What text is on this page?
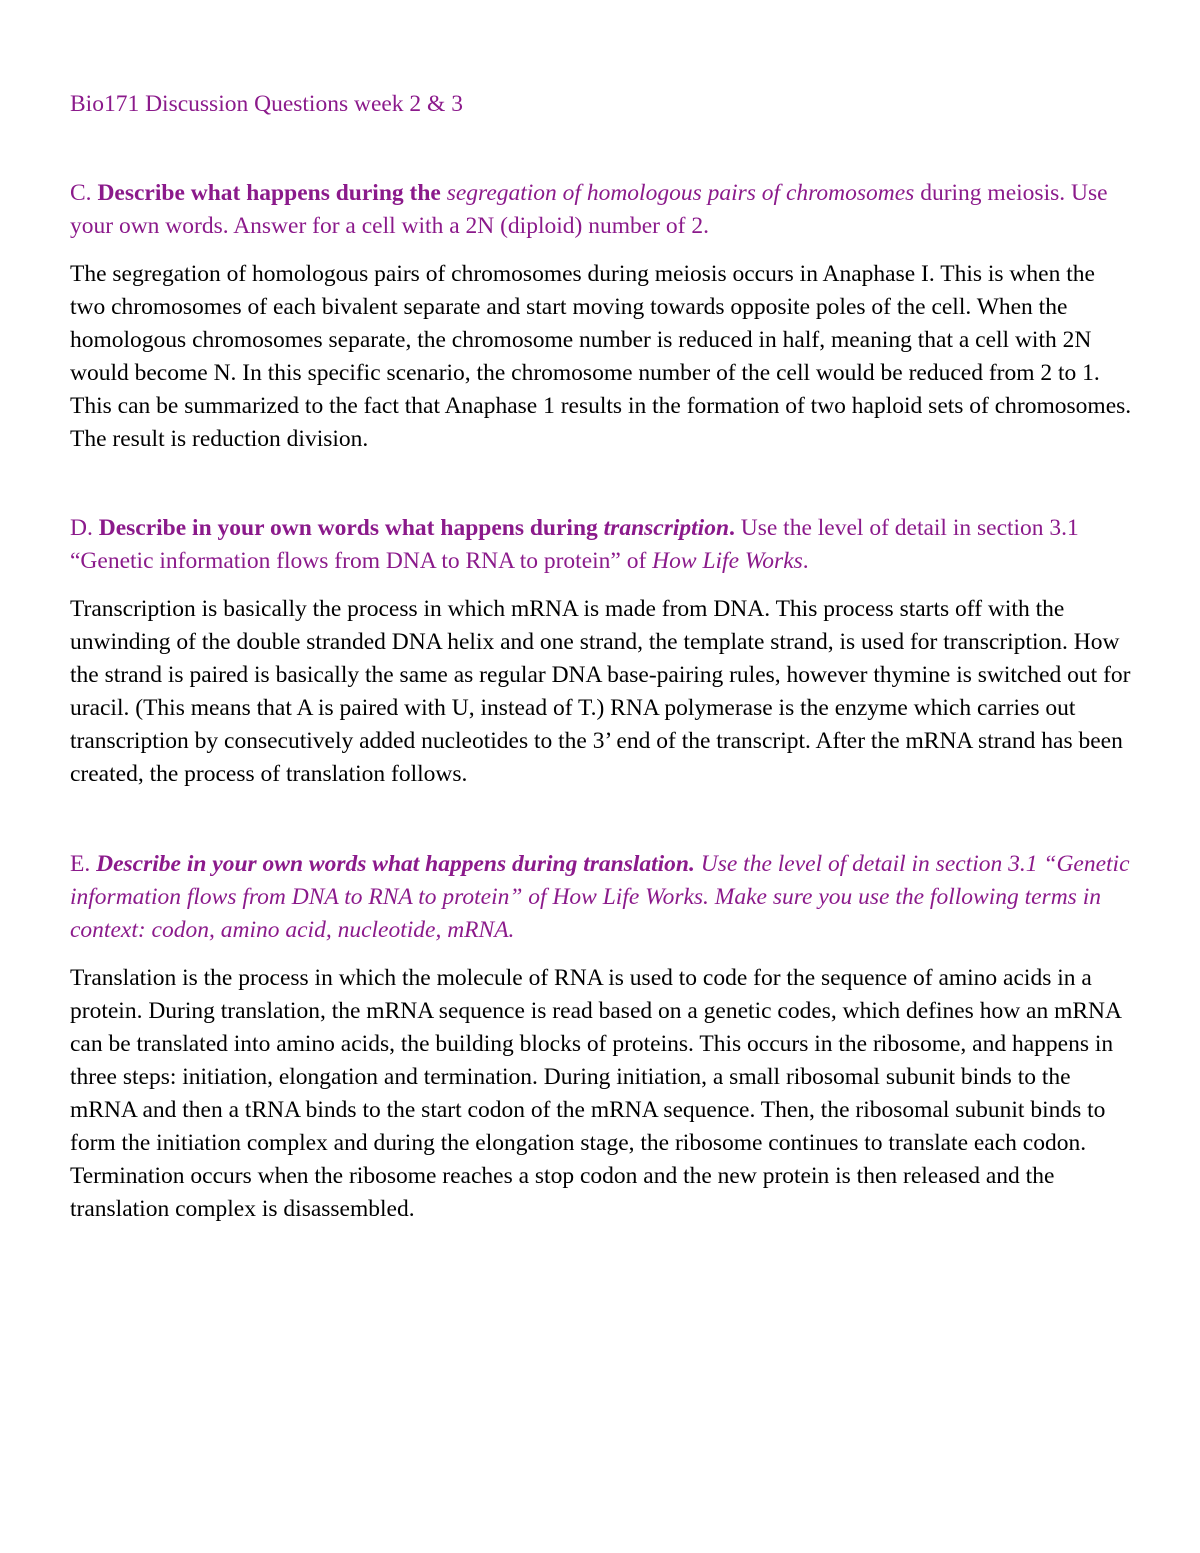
Bio171 Discussion Questions week 2 & 3

C. Describe what happens during the segregation of homologous pairs of chromosomes during meiosis. Use your own words. Answer for a cell with a 2N (diploid) number of 2.

The segregation of homologous pairs of chromosomes during meiosis occurs in Anaphase I. This is when the two chromosomes of each bivalent separate and start moving towards opposite poles of the cell. When the homologous chromosomes separate, the chromosome number is reduced in half, meaning that a cell with 2N would become N. In this specific scenario, the chromosome number of the cell would be reduced from 2 to 1. This can be summarized to the fact that Anaphase 1 results in the formation of two haploid sets of chromosomes. The result is reduction division.

D. Describe in your own words what happens during transcription. Use the level of detail in section 3.1 “Genetic information flows from DNA to RNA to protein” of How Life Works.

Transcription is basically the process in which mRNA is made from DNA. This process starts off with the unwinding of the double stranded DNA helix and one strand, the template strand, is used for transcription. How the strand is paired is basically the same as regular DNA base-pairing rules, however thymine is switched out for uracil. (This means that A is paired with U, instead of T.) RNA polymerase is the enzyme which carries out transcription by consecutively added nucleotides to the 3’ end of the transcript. After the mRNA strand has been created, the process of translation follows.

E. Describe in your own words what happens during translation. Use the level of detail in section 3.1 “Genetic information flows from DNA to RNA to protein” of How Life Works. Make sure you use the following terms in context: codon, amino acid, nucleotide, mRNA.

Translation is the process in which the molecule of RNA is used to code for the sequence of amino acids in a protein. During translation, the mRNA sequence is read based on a genetic codes, which defines how an mRNA can be translated into amino acids, the building blocks of proteins. This occurs in the ribosome, and happens in three steps: initiation, elongation and termination. During initiation, a small ribosomal subunit binds to the mRNA and then a tRNA binds to the start codon of the mRNA sequence. Then, the ribosomal subunit binds to form the initiation complex and during the elongation stage, the ribosome continues to translate each codon. Termination occurs when the ribosome reaches a stop codon and the new protein is then released and the translation complex is disassembled.
